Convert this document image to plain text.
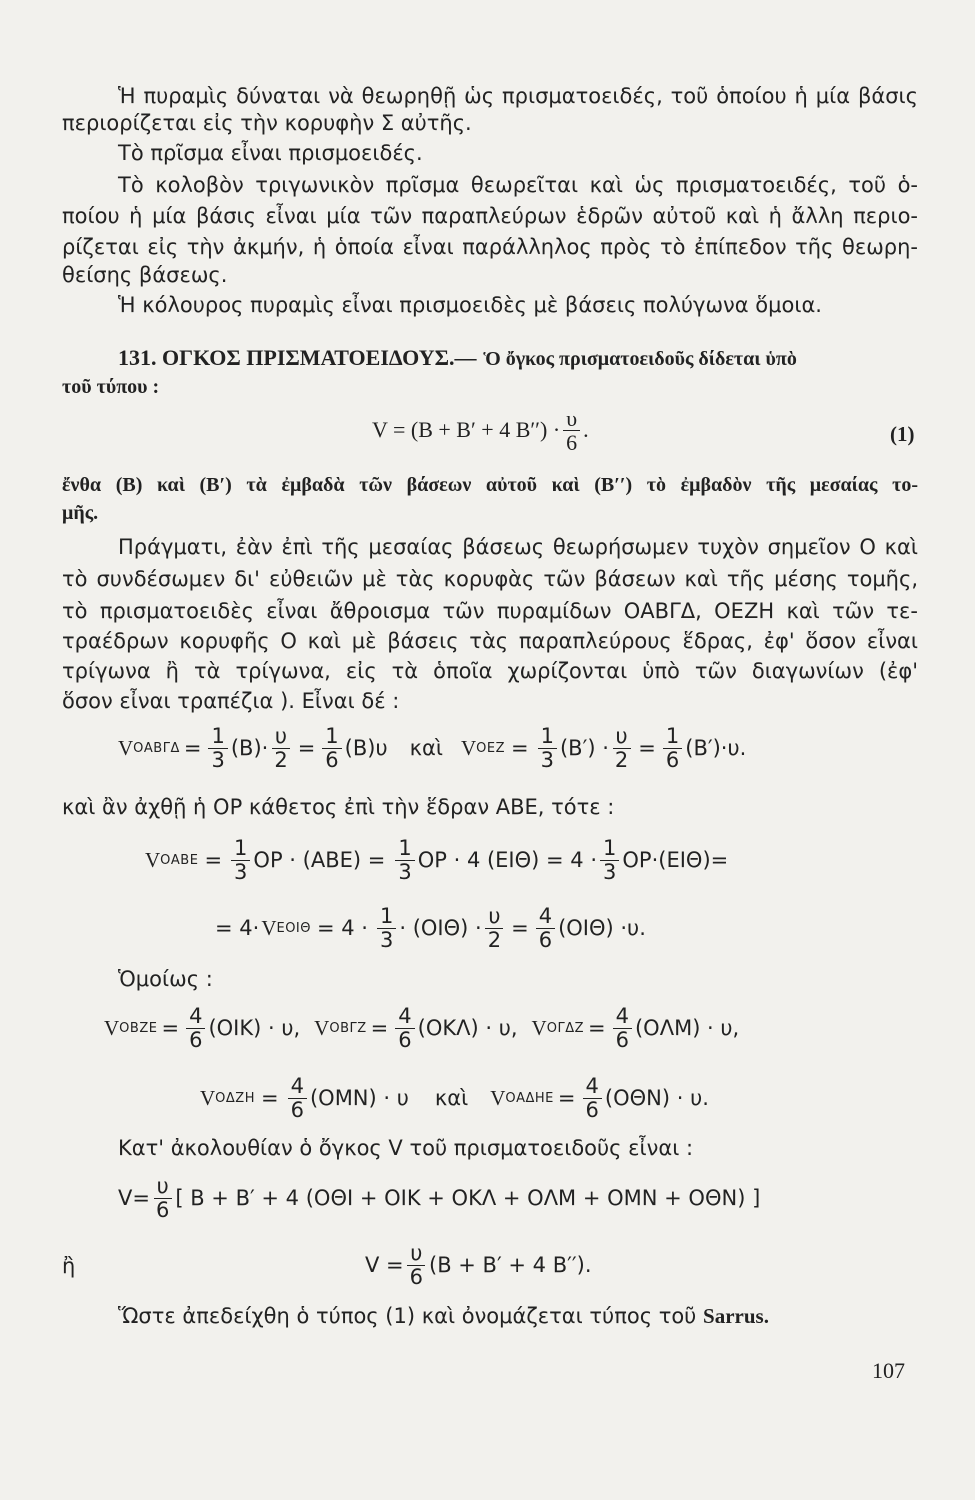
Ἡ πυραμὶς δύναται νὰ θεωρηθῇ ὡς πρισματοειδές, τοῦ ὁποίου ἡ μία βάσις
περιορίζεται εἰς τὴν κορυφὴν Σ αὐτῆς.
Τὸ πρῖσμα εἶναι πρισμοειδές.
Τὸ κολοβὸν τριγωνικὸν πρῖσμα θεωρεῖται καὶ ὡς πρισματοειδές, τοῦ ὁ-
ποίου ἡ μία βάσις εἶναι μία τῶν παραπλεύρων ἑδρῶν αὐτοῦ καὶ ἡ ἄλλη περιο-
ρίζεται εἰς τὴν ἀκμήν, ἡ ὁποία εἶναι παράλληλος πρὸς τὸ ἐπίπεδον τῆς θεωρη-
θείσης βάσεως.
Ἡ κόλουρος πυραμὶς εἶναι πρισμοειδὲς μὲ βάσεις πολύγωνα ὅμοια.
131. ΟΓΚΟΣ ΠΡΙΣΜΑΤΟΕΙΔΟΥΣ.— Ὁ ὄγκος πρισματοειδοῦς δίδεται ὑπὸ
τοῦ τύπου :
V = (B + B′ + 4 $B'') \cdot \frac{\upsilon}{6}$ .	(1)
ἔνθα (Β) καὶ (Β′) τὰ ἐμβαδὰ τῶν βάσεων αὐτοῦ καὶ (Β′′) τὸ ἐμβαδὸν τῆς μεσαίας το-
μῆς.
Πράγματι, ἐὰν ἐπὶ τῆς μεσαίας βάσεως θεωρήσωμεν τυχὸν σημεῖον Ο καὶ
τὸ συνδέσωμεν δι' εὐθειῶν μὲ τὰς κορυφὰς τῶν βάσεων καὶ τῆς μέσης τομῆς,
τὸ πρισματοειδὲς εἶναι ἄθροισμα τῶν πυραμίδων ΟΑΒΓΔ, ΟΕΖΗ καὶ τῶν τε-
τραέδρων κορυφῆς Ο καὶ μὲ βάσεις τὰς παραπλεύρους ἕδρας, ἐφ' ὅσον εἶναι
τρίγωνα ἢ τὰ τρίγωνα, εἰς τὰ ὁποῖα χωρίζονται ὑπὸ τῶν διαγωνίων (ἐφ'
ὅσον εἶναι τραπέζια ). Εἶναι δέ :
V $OAB\Gamma\Delta = \frac{1}{3} (B)\cdot \frac{\upsilon}{2} = \frac{1}{6} (B)\upsilon$ καὶ V $OEZ = \frac{1}{3} (B') \cdot \frac{\upsilon}{2} = \frac{1}{6} (B')\cdot\upsilon$.
καὶ ἂν ἀχθῇ ἡ ΟΡ κάθετος ἐπὶ τὴν ἕδραν ΑΒΕ, τότε :
V $OABE = \frac{1}{3}$ $OP \cdot (ABE) = \frac{1}{3}$ ΟΡ · 4 $(EI\Theta) = 4 \cdot \frac{1}{3} OP\cdot(EI\Theta)=$
= 4· V $EOI\Theta = 4 \cdot \frac{1}{3} \cdot (OI\Theta) \cdot \frac{\upsilon}{2} = \frac{4}{6} (OI\Theta) \cdot\upsilon$.
Ὁμοίως :
V $OBZE = \frac{4}{6} (OIK) \cdot \upsilon$, V $OB\Gamma Z = \frac{4}{6} (OK\Lambda) \cdot \upsilon$, V $O\Gamma\Delta Z = \frac{4}{6} (O\Lambda M) \cdot \upsilon$,
V $O\Delta ZH = \frac{4}{6} (OMN) \cdot \upsilon$ καὶ V $OA\Delta HE = \frac{4}{6} (O\Theta N) \cdot \upsilon$.
Κατ' ἀκολουθίαν ὁ ὄγκος V τοῦ πρισματοειδοῦς εἶναι :
$V= \frac{\upsilon}{6}$ [ Β + Β′ + 4 (ΟΘΙ + ΟΙΚ + ΟΚΛ + ΟΛΜ + ΟΜΝ + ΟΘΝ) ]
ἢ	$V = \frac{\upsilon}{6} (B + B' + 4$ Β′′).
Ὥστε ἀπεδείχθη ὁ τύπος (1) καὶ ὀνομάζεται τύπος τοῦ Sarrus.
107
